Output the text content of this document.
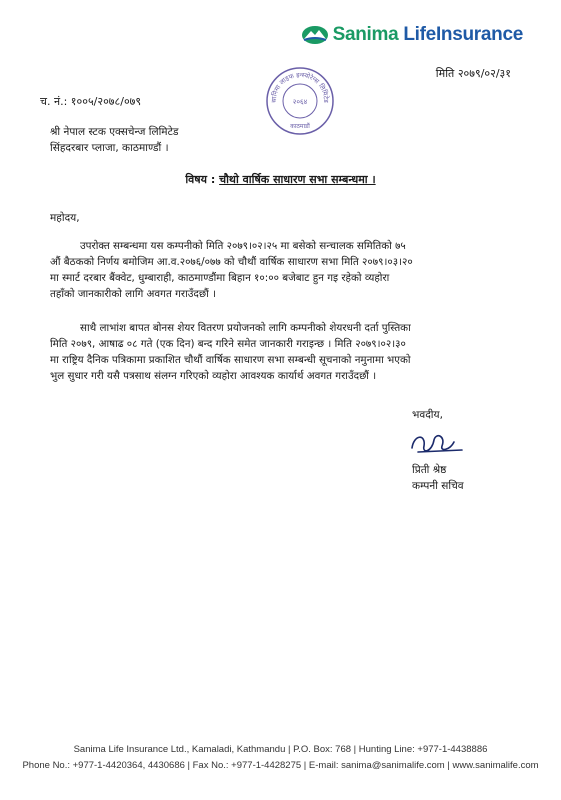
Sanima LifeInsurance
मिति २०७९/०२/३१
च. नं.: १००५/२०७८/०७९	सानिमा लाइफ इन्स्योरेन्स लिमिटेड
२०६४
काठमाडौं
श्री नेपाल स्टक एक्सचेन्ज लिमिटेड
सिंहदरबार प्लाजा, काठमाण्डौं ।
विषय : चौथो वार्षिक साधारण सभा सम्बन्धमा ।
महोदय,
उपरोक्त सम्बन्धमा यस कम्पनीको मिति २०७९।०२।२५ मा बसेको सन्चालक समितिको ७५
औं बैठकको निर्णय बमोजिम आ.व.२०७६/०७७ को चौथौं वार्षिक साधारण सभा मिति २०७९।०३।२०
मा स्मार्ट दरबार बैंक्वेट, धुम्बाराही, काठमाण्डौंमा बिहान १०:०० बजेबाट हुन गइ रहेको व्यहोरा
तहाँको जानकारीको लागि अवगत गराउँदछौं ।
साथै लाभांश बापत बोनस शेयर वितरण प्रयोजनको लागि कम्पनीको शेयरधनी दर्ता पुस्तिका
मिति २०७९, आषाढ ०८ गते (एक दिन) बन्द गरिने समेत जानकारी गराइन्छ । मिति २०७९।०२।३०
मा राष्ट्रिय दैनिक पत्रिकामा प्रकाशित चौथौं वार्षिक साधारण सभा सम्बन्धी सूचनाको नमुनामा भएको
भुल सुधार गरी यसै पत्रसाथ संलग्न गरिएको व्यहोरा आवश्यक कार्यार्थ अवगत गराउँदछौं ।
भवदीय,
प्रिती श्रेष्ठ
कम्पनी सचिव
Sanima Life Insurance Ltd., Kamaladi, Kathmandu | P.O. Box: 768 | Hunting Line: +977-1-4438886
Phone No.: +977-1-4420364, 4430686 | Fax No.: +977-1-4428275 | E-mail: sanima@sanimalife.com | www.sanimalife.com
